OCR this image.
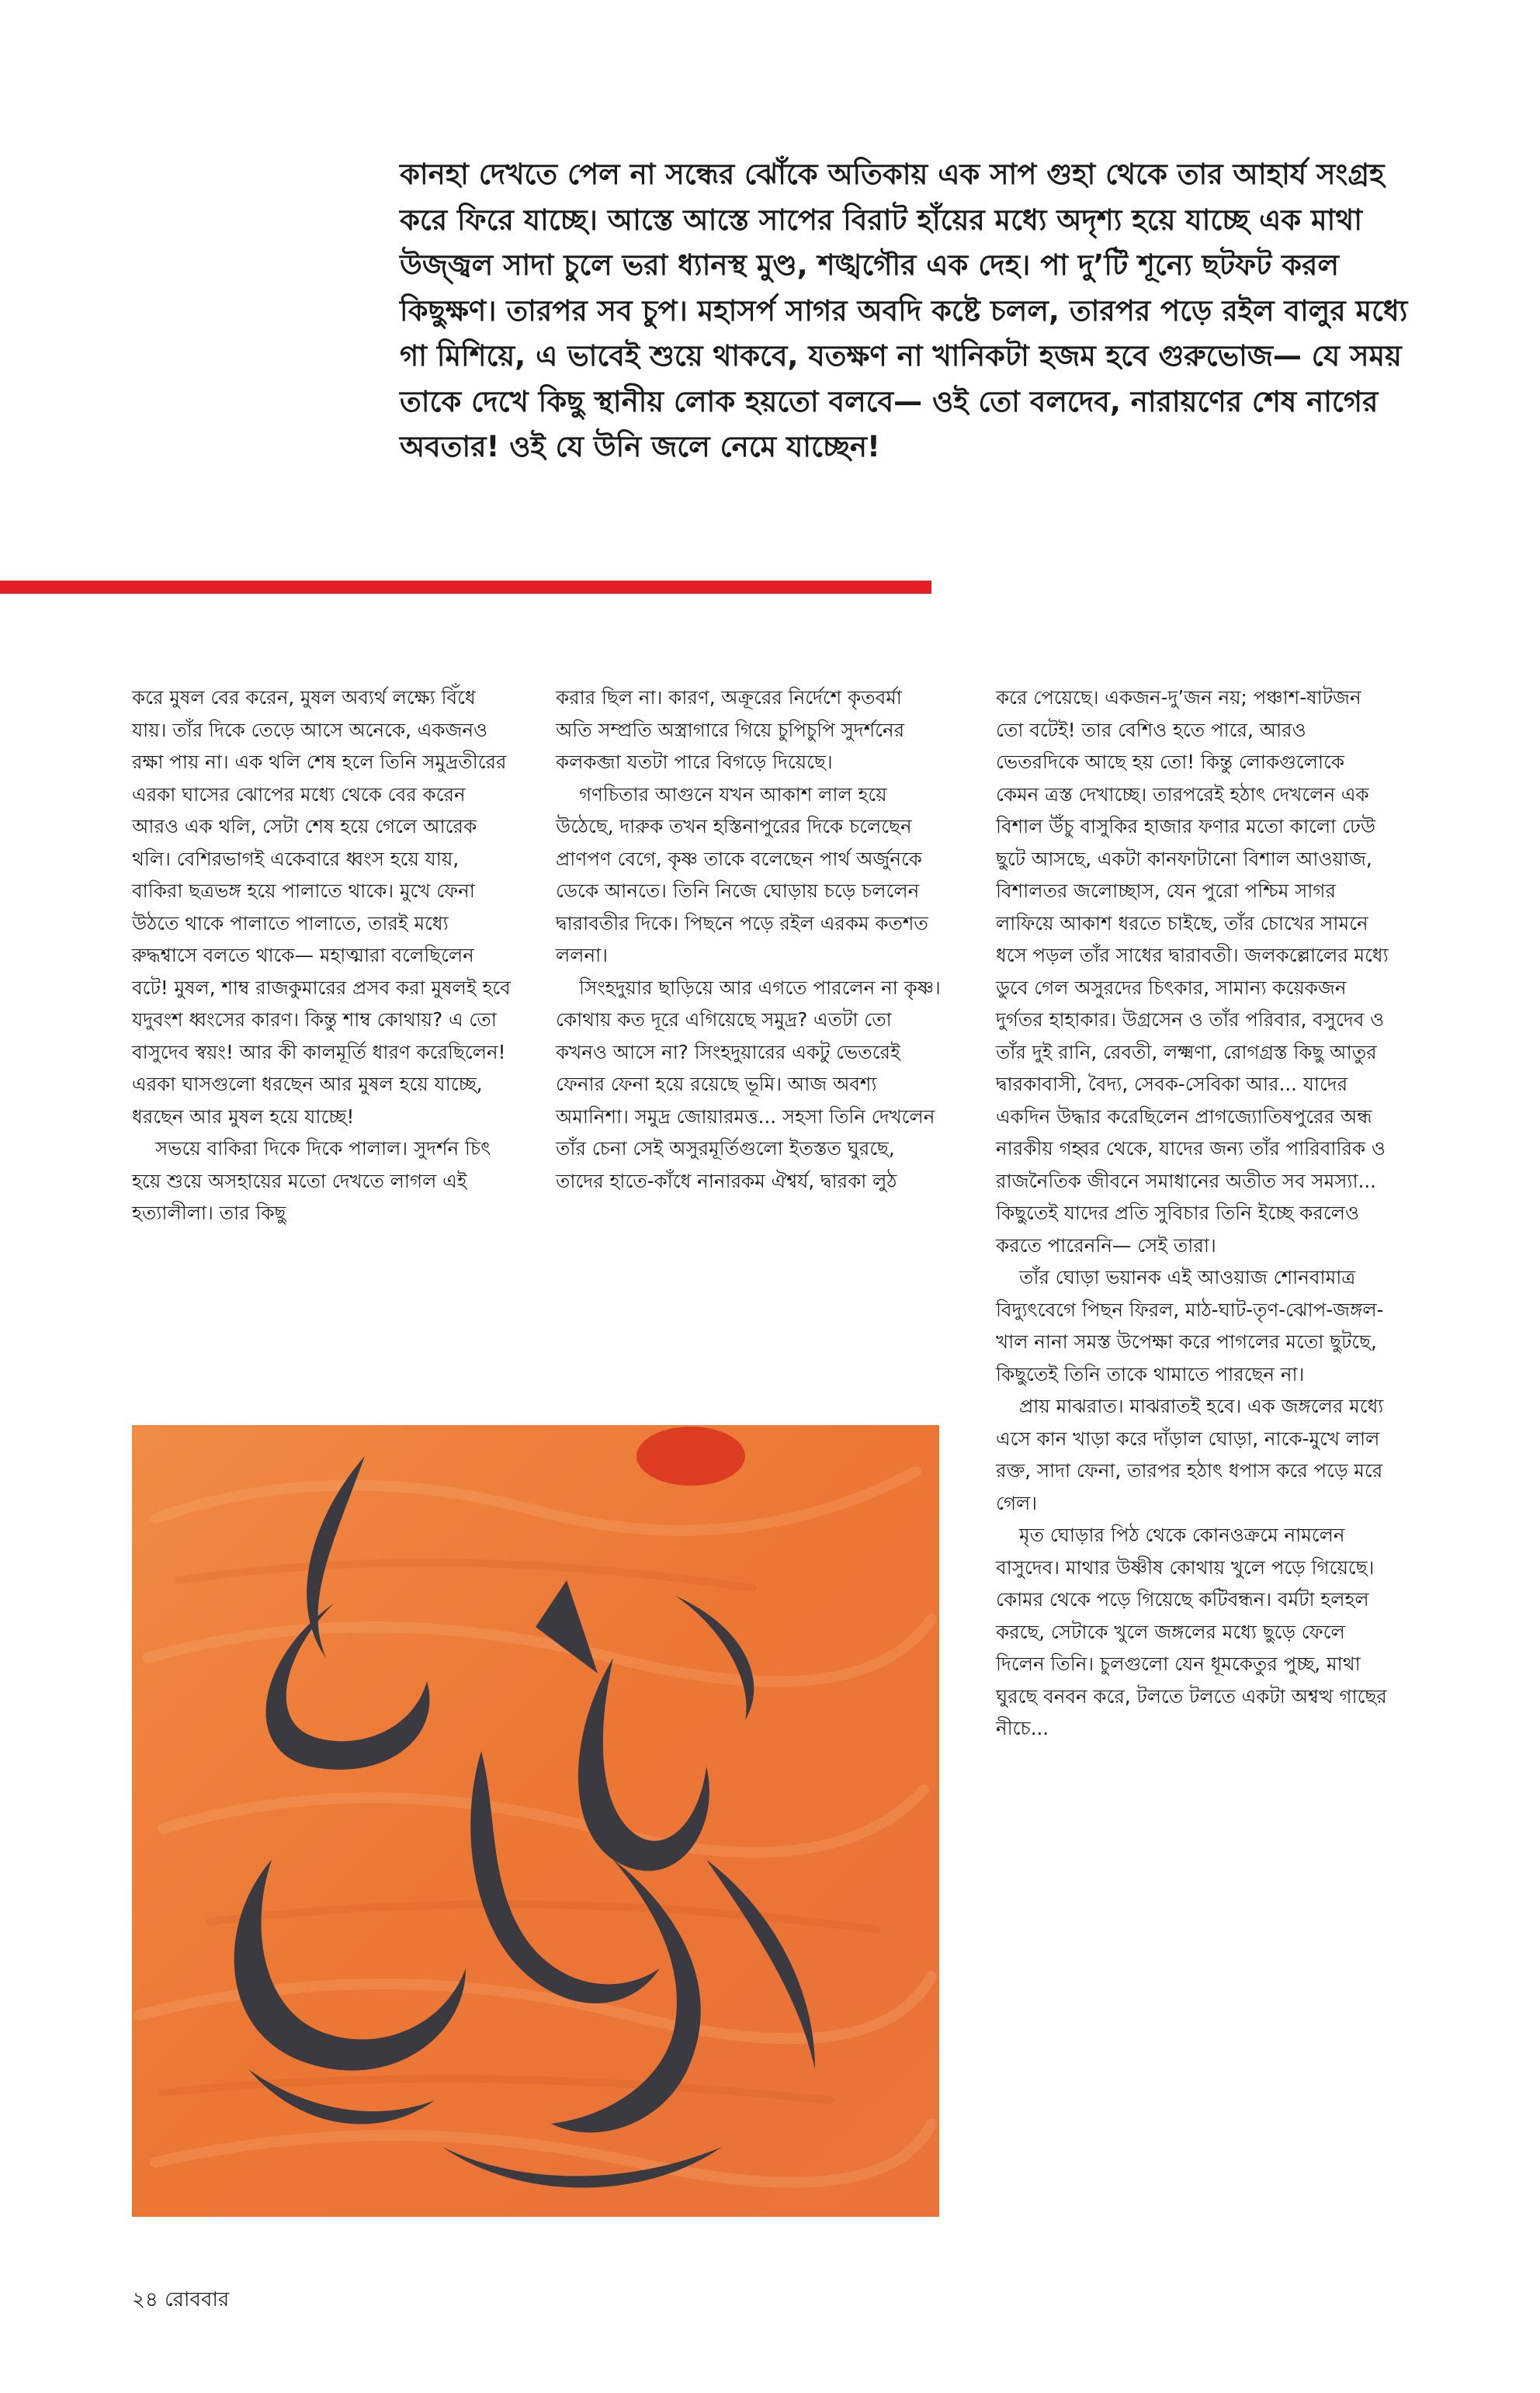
কানহা দেখতে পেল না সন্ধের ঝোঁকে অতিকায় এক সাপ গুহা থেকে তার আহার্য সংগ্রহ করে ফিরে যাচ্ছে। আস্তে আস্তে সাপের বিরাট হাঁয়ের মধ্যে অদৃশ্য হয়ে যাচ্ছে এক মাথা উজ্জ্বল সাদা চুলে ভরা ধ্যানস্থ মুণ্ড, শঙ্খগৌর এক দেহ। পা দু’টি শূন্যে ছটফট করল কিছুক্ষণ। তারপর সব চুপ। মহাসর্প সাগর অবদি কষ্টে চলল, তারপর পড়ে রইল বালুর মধ্যে গা মিশিয়ে, এ ভাবেই শুয়ে থাকবে, যতক্ষণ না খানিকটা হজম হবে গুরুভোজ— যে সময় তাকে দেখে কিছু স্থানীয় লোক হয়তো বলবে— ওই তো বলদেব, নারায়ণের শেষ নাগের অবতার! ওই যে উনি জলে নেমে যাচ্ছেন!

করে মুষল বের করেন, মুষল অব্যর্থ লক্ষ্যে বিঁধে যায়। তাঁর দিকে তেড়ে আসে অনেকে, একজনও রক্ষা পায় না। এক থলি শেষ হলে তিনি সমুদ্রতীরের এরকা ঘাসের ঝোপের মধ্যে থেকে বের করেন আরও এক থলি, সেটা শেষ হয়ে গেলে আরেক থলি। বেশিরভাগই একেবারে ধ্বংস হয়ে যায়, বাকিরা ছত্রভঙ্গ হয়ে পালাতে থাকে। মুখে ফেনা উঠতে থাকে পালাতে পালাতে, তারই মধ্যে রুদ্ধশ্বাসে বলতে থাকে— মহাত্মারা বলেছিলেন বটে! মুষল, শাম্ব রাজকুমারের প্রসব করা মুষলই হবে যদুবংশ ধ্বংসের কারণ। কিন্তু শাম্ব কোথায়? এ তো বাসুদেব স্বয়ং! আর কী কালমূর্তি ধারণ করেছিলেন! এরকা ঘাসগুলো ধরছেন আর মুষল হয়ে যাচ্ছে, ধরছেন আর মুষল হয়ে যাচ্ছে!

সভয়ে বাকিরা দিকে দিকে পালাল। সুদর্শন চিৎ হয়ে শুয়ে অসহায়ের মতো দেখতে লাগল এই হত্যালীলা। তার কিছু

করার ছিল না। কারণ, অক্রূরের নির্দেশে কৃতবর্মা অতি সম্প্রতি অস্ত্রাগারে গিয়ে চুপিচুপি সুদর্শনের কলকব্জা যতটা পারে বিগড়ে দিয়েছে।

গণচিতার আগুনে যখন আকাশ লাল হয়ে উঠেছে, দারুক তখন হস্তিনাপুরের দিকে চলেছেন প্রাণপণ বেগে, কৃষ্ণ তাকে বলেছেন পার্থ অর্জুনকে ডেকে আনতে। তিনি নিজে ঘোড়ায় চড়ে চললেন দ্বারাবতীর দিকে। পিছনে পড়ে রইল এরকম কতশত ললনা।

সিংহদুয়ার ছাড়িয়ে আর এগতে পারলেন না কৃষ্ণ। কোথায় কত দূরে এগিয়েছে সমুদ্র? এতটা তো কখনও আসে না? সিংহদুয়ারের একটু ভেতরেই ফেনার ফেনা হয়ে রয়েছে ভূমি। আজ অবশ্য অমানিশা। সমুদ্র জোয়ারমত্ত... সহসা তিনি দেখলেন তাঁর চেনা সেই অসুরমূর্তিগুলো ইতস্তত ঘুরছে, তাদের হাতে-কাঁধে নানারকম ঐশ্বর্য, দ্বারকা লুঠ

করে পেয়েছে। একজন-দু’জন নয়; পঞ্চাশ-ষাটজন তো বটেই! তার বেশিও হতে পারে, আরও ভেতরদিকে আছে হয় তো! কিন্তু লোকগুলোকে কেমন ত্রস্ত দেখাচ্ছে। তারপরেই হঠাৎ দেখলেন এক বিশাল উঁচু বাসুকির হাজার ফণার মতো কালো ঢেউ ছুটে আসছে, একটা কানফাটানো বিশাল আওয়াজ, বিশালতর জলোচ্ছাস, যেন পুরো পশ্চিম সাগর লাফিয়ে আকাশ ধরতে চাইছে, তাঁর চোখের সামনে ধসে পড়ল তাঁর সাধের দ্বারাবতী। জলকল্লোলের মধ্যে ডুবে গেল অসুরদের চিৎকার, সামান্য কয়েকজন দুর্গতর হাহাকার। উগ্রসেন ও তাঁর পরিবার, বসুদেব ও তাঁর দুই রানি, রেবতী, লক্ষ্মণা, রোগগ্রস্ত কিছু আতুর দ্বারকাবাসী, বৈদ্য, সেবক-সেবিকা আর... যাদের একদিন উদ্ধার করেছিলেন প্রাগজ্যোতিষপুরের অন্ধ নারকীয় গহ্বর থেকে, যাদের জন্য তাঁর পারিবারিক ও রাজনৈতিক জীবনে সমাধানের অতীত সব সমস্যা... কিছুতেই যাদের প্রতি সুবিচার তিনি ইচ্ছে করলেও করতে পারেননি— সেই তারা।

তাঁর ঘোড়া ভয়ানক এই আওয়াজ শোনবামাত্র বিদ্যুৎবেগে পিছন ফিরল, মাঠ-ঘাট-তৃণ-ঝোপ-জঙ্গল-খাল নানা সমস্ত উপেক্ষা করে পাগলের মতো ছুটছে, কিছুতেই তিনি তাকে থামাতে পারছেন না।

প্রায় মাঝরাত। মাঝরাতই হবে। এক জঙ্গলের মধ্যে এসে কান খাড়া করে দাঁড়াল ঘোড়া, নাকে-মুখে লাল রক্ত, সাদা ফেনা, তারপর হঠাৎ ধপাস করে পড়ে মরে গেল।

মৃত ঘোড়ার পিঠ থেকে কোনওক্রমে নামলেন বাসুদেব। মাথার উষ্ণীষ কোথায় খুলে পড়ে গিয়েছে। কোমর থেকে পড়ে গিয়েছে কটিবন্ধন। বর্মটা হলহল করছে, সেটাকে খুলে জঙ্গলের মধ্যে ছুড়ে ফেলে দিলেন তিনি। চুলগুলো যেন ধূমকেতুর পুচ্ছ, মাথা ঘুরছে বনবন করে, টলতে টলতে একটা অশ্বত্থ গাছের নীচে...

২৪ রোববার
